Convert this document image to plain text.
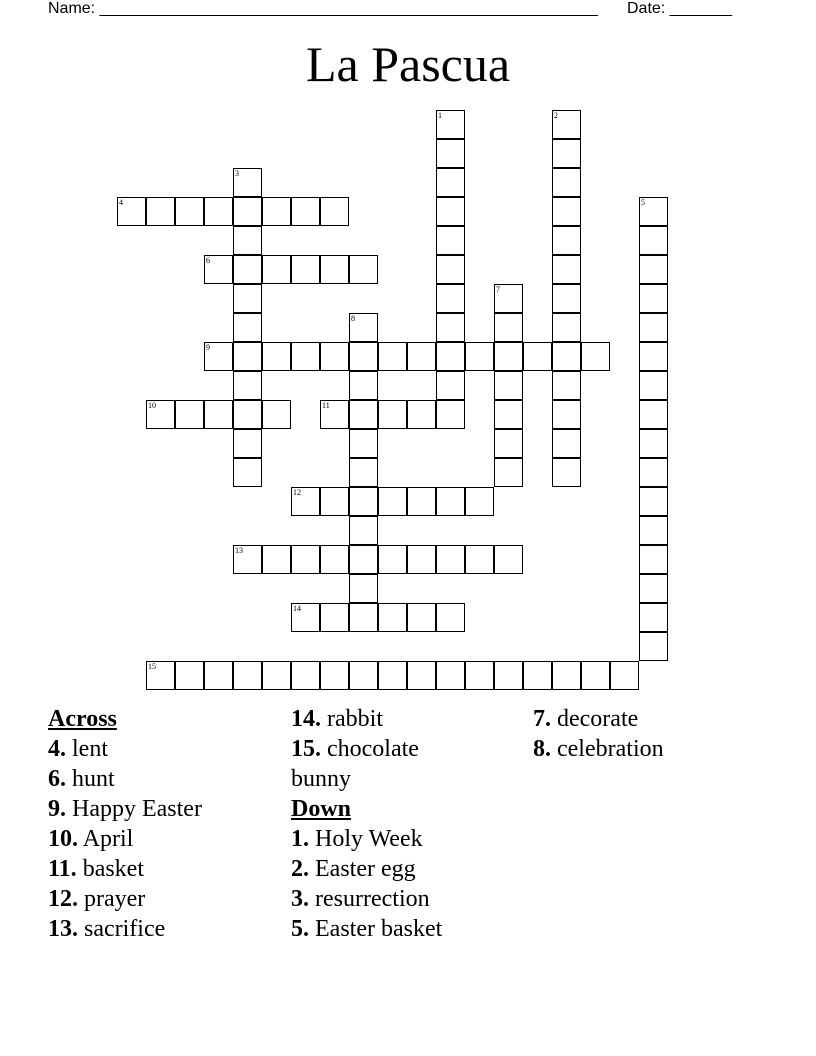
Name: ________________________________________________________ Date: _______
La Pascua
4
6
9
10	11
12
13
14
15
1	2
3
5
7
8
Across
4. lent
6. hunt
9. Happy Easter
10. April
11. basket
12. prayer
13. sacrifice
14. rabbit
15. chocolate bunny
Down
1. Holy Week
2. Easter egg
3. resurrection
5. Easter basket
7. decorate
8. celebration
